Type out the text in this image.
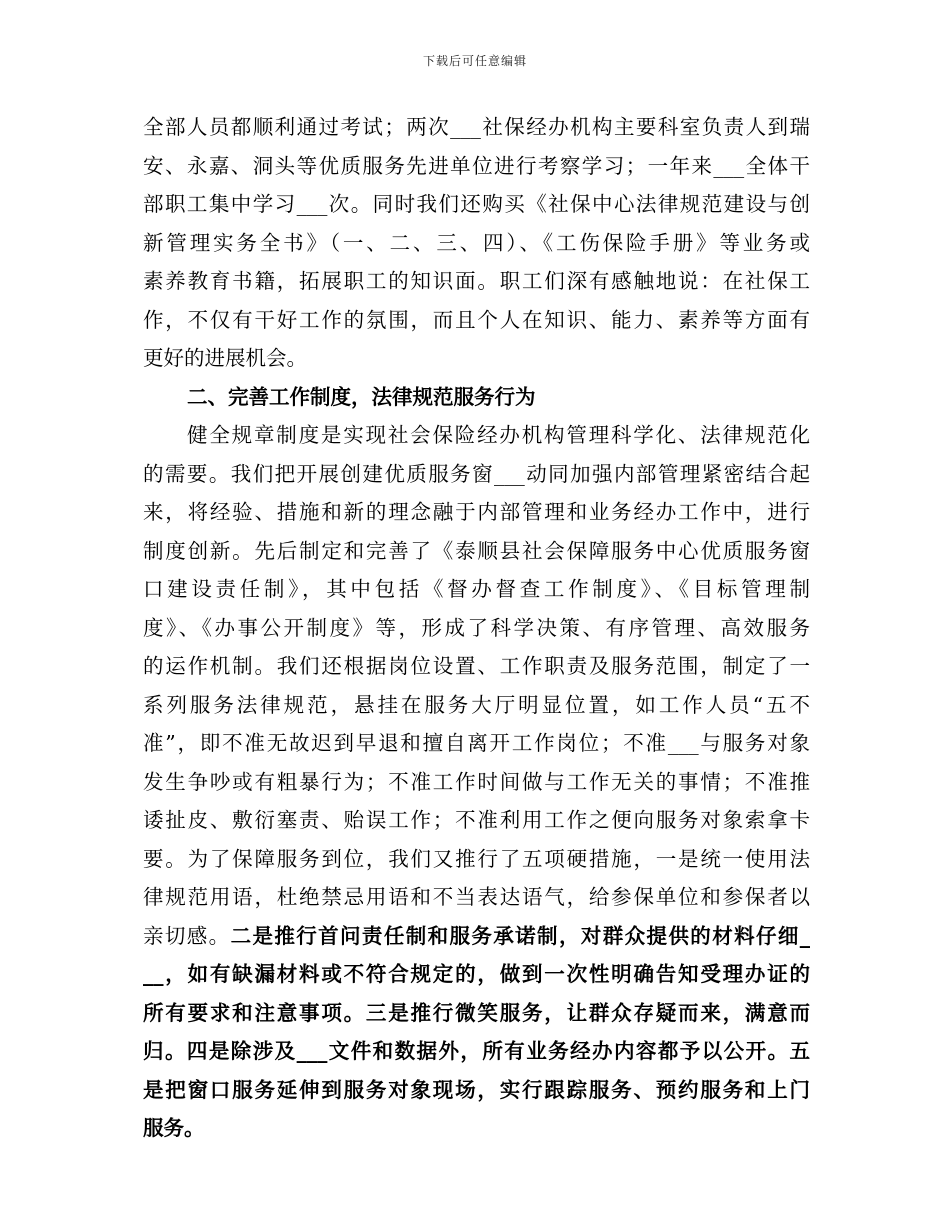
下载后可任意编辑
全部人员都顺利通过考试；两次___社保经办机构主要科室负责人到瑞
安、永嘉、洞头等优质服务先进单位进行考察学习；一年来___全体干
部职工集中学习___次。同时我们还购买《社保中心法律规范建设与创
新管理实务全书》（一、二、三、四）、《工伤保险手册》等业务或
素养教育书籍，拓展职工的知识面。职工们深有感触地说：在社保工
作，不仅有干好工作的氛围，而且个人在知识、能力、素养等方面有
更好的进展机会。
二、完善工作制度，法律规范服务行为
健全规章制度是实现社会保险经办机构管理科学化、法律规范化
的需要。我们把开展创建优质服务窗___动同加强内部管理紧密结合起
来，将经验、措施和新的理念融于内部管理和业务经办工作中，进行
制度创新。先后制定和完善了《泰顺县社会保障服务中心优质服务窗
口建设责任制》，其中包括《督办督查工作制度》、《目标管理制
度》、《办事公开制度》等，形成了科学决策、有序管理、高效服务
的运作机制。我们还根据岗位设置、工作职责及服务范围，制定了一
系列服务法律规范，悬挂在服务大厅明显位置，如工作人员“五不
准”，即不准无故迟到早退和擅自离开工作岗位；不准___与服务对象
发生争吵或有粗暴行为；不准工作时间做与工作无关的事情；不准推
诿扯皮、敷衍塞责、贻误工作；不准利用工作之便向服务对象索拿卡
要。为了保障服务到位，我们又推行了五项硬措施，一是统一使用法
律规范用语，杜绝禁忌用语和不当表达语气，给参保单位和参保者以
亲切感。二是推行首问责任制和服务承诺制，对群众提供的材料仔细_
__，如有缺漏材料或不符合规定的，做到一次性明确告知受理办证的
所有要求和注意事项。三是推行微笑服务，让群众存疑而来，满意而
归。四是除涉及___文件和数据外，所有业务经办内容都予以公开。五
是把窗口服务延伸到服务对象现场，实行跟踪服务、预约服务和上门
服务。
